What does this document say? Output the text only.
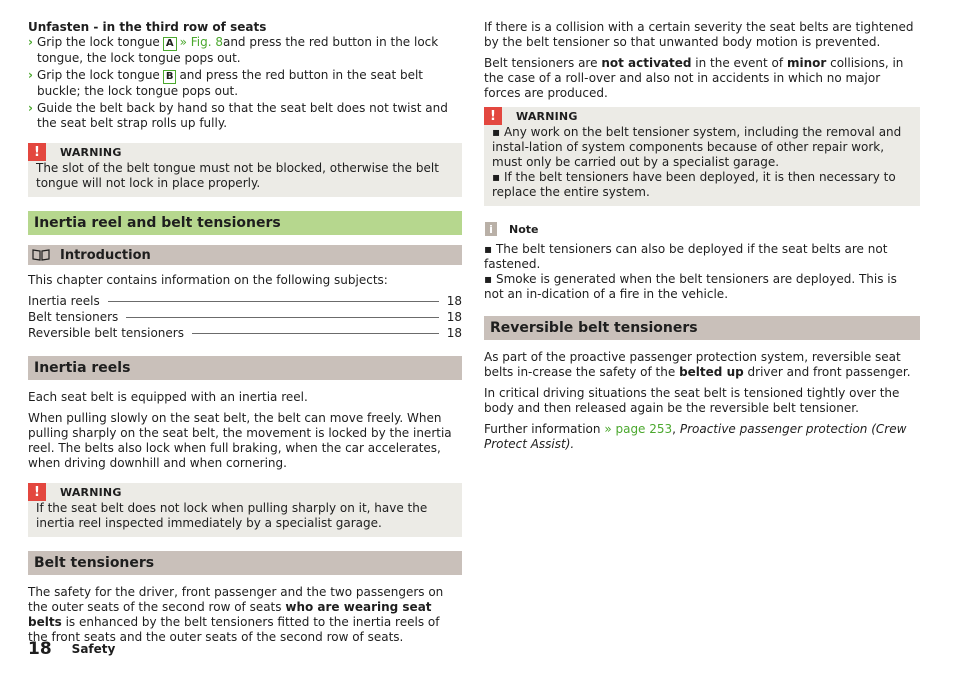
Unfasten - in the third row of seats

› Grip the lock tongue A » Fig. 8and press the red button in the lock tongue, the lock tongue pops out.
› Grip the lock tongue B and press the red button in the seat belt buckle; the lock tongue pops out.
› Guide the belt back by hand so that the seat belt does not twist and the seat belt strap rolls up fully.
!	WARNING
The slot of the belt tongue must not be blocked, otherwise the belt tongue will not lock in place properly.
Inertia reel and belt tensioners
Introduction

This chapter contains information on the following subjects:

Inertia reels	18
Belt tensioners	18
Reversible belt tensioners	18
Inertia reels

Each seat belt is equipped with an inertia reel.

When pulling slowly on the seat belt, the belt can move freely. When pulling sharply on the seat belt, the movement is locked by the inertia reel. The belts also lock when full braking, when the car accelerates, when driving downhill and when cornering.

!	WARNING
If the seat belt does not lock when pulling sharply on it, have the inertia reel inspected immediately by a specialist garage.
Belt tensioners

The safety for the driver, front passenger and the two passengers on the outer seats of the second row of seats who are wearing seat belts is enhanced by the belt tensioners fitted to the inertia reels of the front seats and the outer seats of the second row of seats.

If there is a collision with a certain severity the seat belts are tightened by the belt tensioner so that unwanted body motion is prevented.

Belt tensioners are not activated in the event of minor collisions, in the case of a roll-over and also not in accidents in which no major forces are produced.

!	WARNING

▪ Any work on the belt tensioner system, including the removal and instal-lation of system components because of other repair work, must only be carried out by a specialist garage.

▪ If the belt tensioners have been deployed, it is then necessary to replace the entire system.

i	Note

▪ The belt tensioners can also be deployed if the seat belts are not fastened.

▪ Smoke is generated when the belt tensioners are deployed. This is not an in-dication of a fire in the vehicle.

Reversible belt tensioners

As part of the proactive passenger protection system, reversible seat belts in-crease the safety of the belted up driver and front passenger.

In critical driving situations the seat belt is tensioned tightly over the body and then released again be the reversible belt tensioner.

Further information » page 253, Proactive passenger protection (Crew Protect Assist).

18 Safety
